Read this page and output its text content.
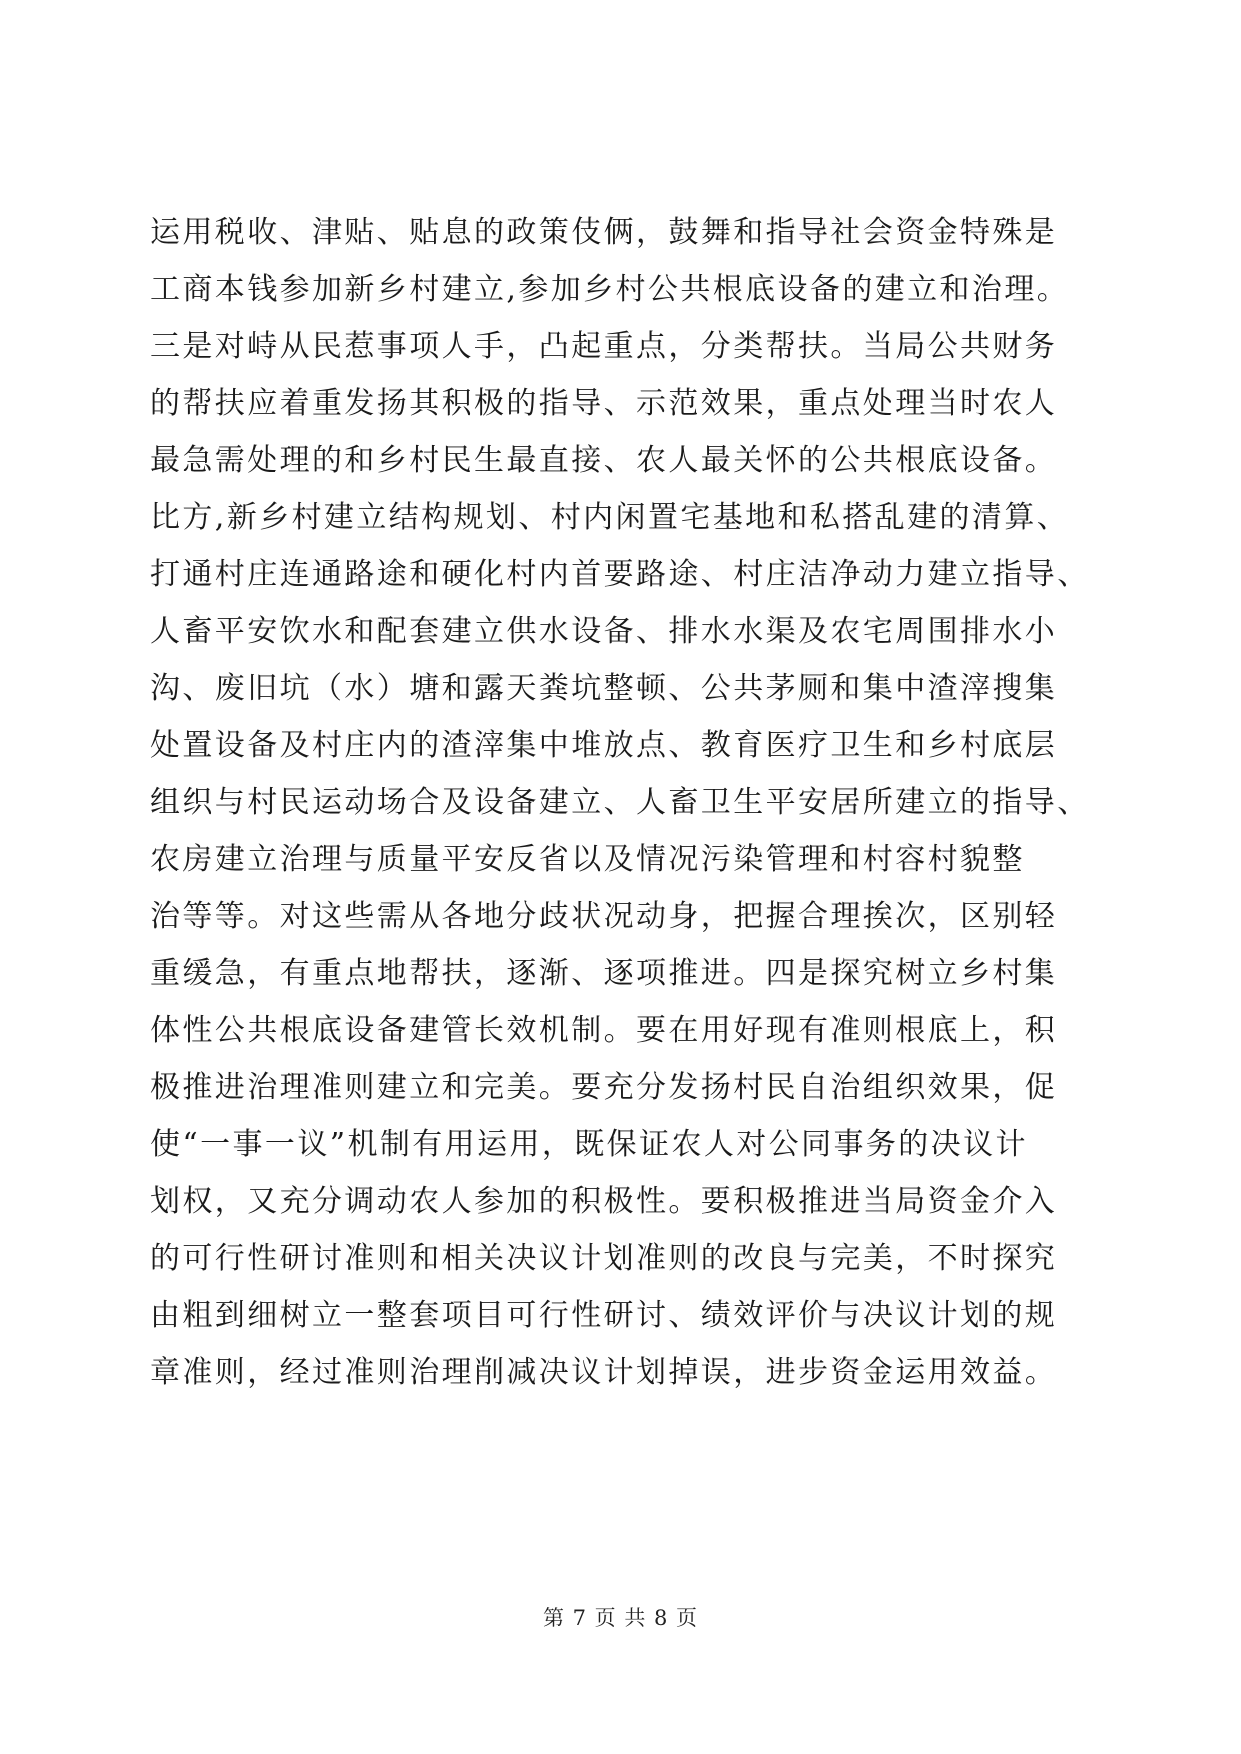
运用税收、津贴、贴息的政策伎俩，鼓舞和指导社会资金特殊是
工商本钱参加新乡村建立,参加乡村公共根底设备的建立和治理。
三是对峙从民惹事项人手，凸起重点，分类帮扶。当局公共财务
的帮扶应着重发扬其积极的指导、示范效果，重点处理当时农人
最急需处理的和乡村民生最直接、农人最关怀的公共根底设备。
比方,新乡村建立结构规划、村内闲置宅基地和私搭乱建的清算、
打通村庄连通路途和硬化村内首要路途、村庄洁净动力建立指导、
人畜平安饮水和配套建立供水设备、排水水渠及农宅周围排水小
沟、废旧坑（水）塘和露天粪坑整顿、公共茅厕和集中渣滓搜集
处置设备及村庄内的渣滓集中堆放点、教育医疗卫生和乡村底层
组织与村民运动场合及设备建立、人畜卫生平安居所建立的指导、
农房建立治理与质量平安反省以及情况污染管理和村容村貌整
治等等。对这些需从各地分歧状况动身，把握合理挨次，区别轻
重缓急，有重点地帮扶，逐渐、逐项推进。四是探究树立乡村集
体性公共根底设备建管长效机制。要在用好现有准则根底上，积
极推进治理准则建立和完美。要充分发扬村民自治组织效果，促
使“一事一议”机制有用运用，既保证农人对公同事务的决议计
划权，又充分调动农人参加的积极性。要积极推进当局资金介入
的可行性研讨准则和相关决议计划准则的改良与完美，不时探究
由粗到细树立一整套项目可行性研讨、绩效评价与决议计划的规
章准则，经过准则治理削减决议计划掉误，进步资金运用效益。
第 7 页 共 8 页
